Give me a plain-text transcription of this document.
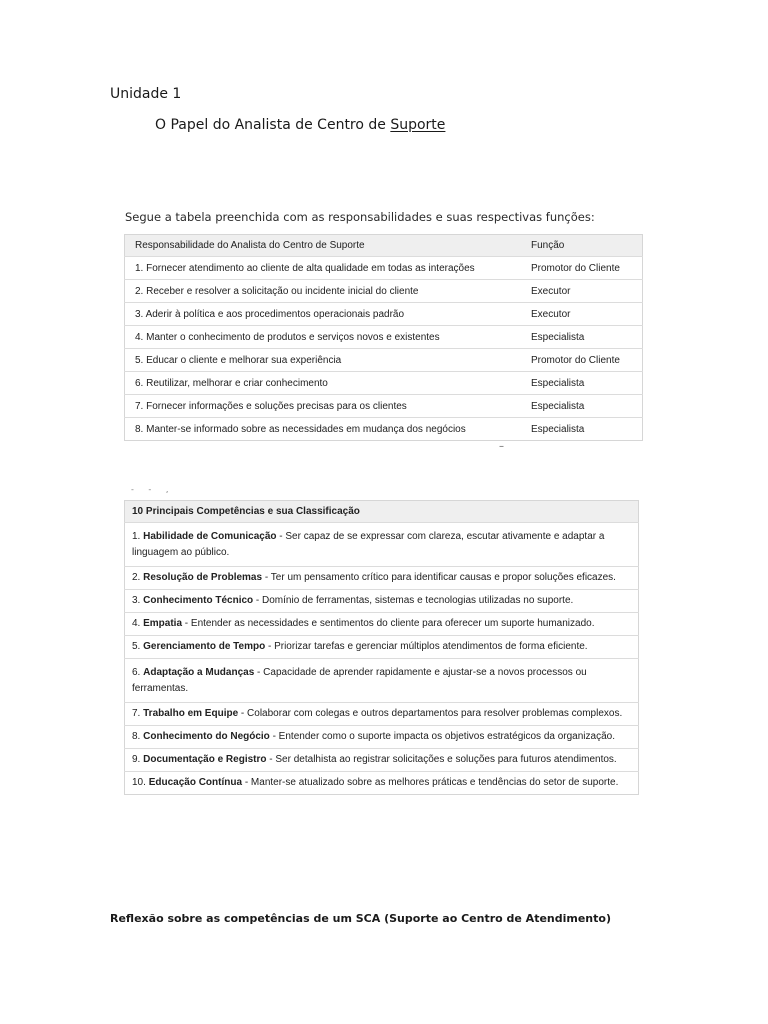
Unidade 1
O Papel do Analista de Centro de Suporte
Segue a tabela preenchida com as responsabilidades e suas respectivas funções:
Responsabilidade do Analista do Centro de Suporte	Função
1. Fornecer atendimento ao cliente de alta qualidade em todas as interações	Promotor do Cliente
2. Receber e resolver a solicitação ou incidente inicial do cliente	Executor
3. Aderir à política e aos procedimentos operacionais padrão	Executor
4. Manter o conhecimento de produtos e serviços novos e existentes	Especialista
5. Educar o cliente e melhorar sua experiência	Promotor do Cliente
6. Reutilizar, melhorar e criar conhecimento	Especialista
7. Fornecer informações e soluções precisas para os clientes	Especialista
8. Manter-se informado sobre as necessidades em mudança dos negócios	Especialista
–
- - ,
10 Principais Competências e sua Classificação
1. Habilidade de Comunicação - Ser capaz de se expressar com clareza, escutar ativamente e adaptar a linguagem ao público.
2. Resolução de Problemas - Ter um pensamento crítico para identificar causas e propor soluções eficazes.
3. Conhecimento Técnico - Domínio de ferramentas, sistemas e tecnologias utilizadas no suporte.
4. Empatia - Entender as necessidades e sentimentos do cliente para oferecer um suporte humanizado.
5. Gerenciamento de Tempo - Priorizar tarefas e gerenciar múltiplos atendimentos de forma eficiente.
6. Adaptação a Mudanças - Capacidade de aprender rapidamente e ajustar-se a novos processos ou ferramentas.
7. Trabalho em Equipe - Colaborar com colegas e outros departamentos para resolver problemas complexos.
8. Conhecimento do Negócio - Entender como o suporte impacta os objetivos estratégicos da organização.
9. Documentação e Registro - Ser detalhista ao registrar solicitações e soluções para futuros atendimentos.
10. Educação Contínua - Manter-se atualizado sobre as melhores práticas e tendências do setor de suporte.
Reflexão sobre as competências de um SCA (Suporte ao Centro de Atendimento)
